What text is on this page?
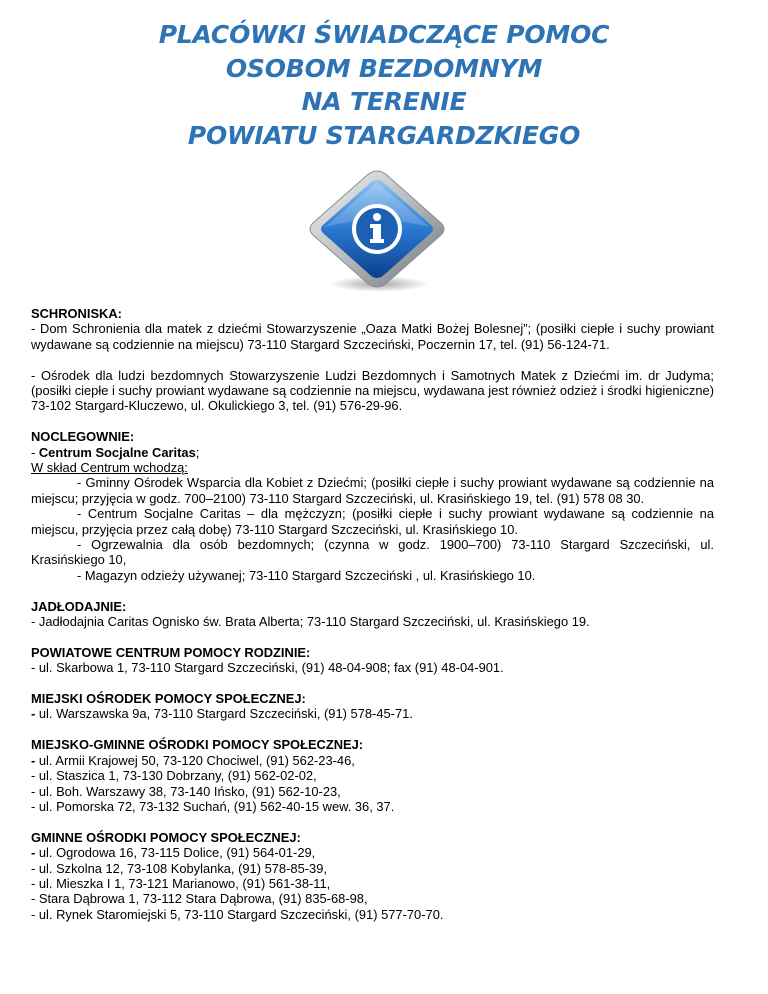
PLACÓWKI ŚWIADCZĄCE POMOC
OSOBOM BEZDOMNYM
NA TERENIE
POWIATU STARGARDZKIEGO
SCHRONISKA:
- Dom Schronienia dla matek z dziećmi Stowarzyszenie „Oaza Matki Bożej Bolesnej”; (posiłki ciepłe i suchy prowiant wydawane są codziennie na miejscu) 73-110 Stargard Szczeciński, Poczernin 17, tel. (91) 56-124-71.
- Ośrodek dla ludzi bezdomnych Stowarzyszenie Ludzi Bezdomnych i Samotnych Matek z Dziećmi im. dr Judyma; (posiłki ciepłe i suchy prowiant wydawane są codziennie na miejscu, wydawana jest również odzież i środki higieniczne) 73-102 Stargard-Kluczewo, ul. Okulickiego 3, tel. (91) 576-29-96.
NOCLEGOWNIE:
- Centrum Socjalne Caritas;
W skład Centrum wchodzą:
- Gminny Ośrodek Wsparcia dla Kobiet z Dziećmi; (posiłki ciepłe i suchy prowiant wydawane są codziennie na miejscu; przyjęcia w godz. 700–2100) 73-110 Stargard Szczeciński, ul. Krasińskiego 19, tel. (91) 578 08 30.
- Centrum Socjalne Caritas – dla mężczyzn; (posiłki ciepłe i suchy prowiant wydawane są codziennie na miejscu, przyjęcia przez całą dobę) 73-110 Stargard Szczeciński, ul. Krasińskiego 10.
- Ogrzewalnia dla osób bezdomnych; (czynna w godz. 1900–700) 73-110 Stargard Szczeciński, ul. Krasińskiego 10,
- Magazyn odzieży używanej; 73-110 Stargard Szczeciński , ul. Krasińskiego 10.
JADŁODAJNIE:
- Jadłodajnia Caritas Ognisko św. Brata Alberta; 73-110 Stargard Szczeciński, ul. Krasińskiego 19.
POWIATOWE CENTRUM POMOCY RODZINIE:
- ul. Skarbowa 1, 73-110 Stargard Szczeciński, (91) 48-04-908; fax (91) 48-04-901.
MIEJSKI OŚRODEK POMOCY SPOŁECZNEJ:
- ul. Warszawska 9a, 73-110 Stargard Szczeciński, (91) 578-45-71.
MIEJSKO-GMINNE OŚRODKI POMOCY SPOŁECZNEJ:
- ul. Armii Krajowej 50, 73-120 Chociwel, (91) 562-23-46,
- ul. Staszica 1, 73-130 Dobrzany, (91) 562-02-02,
- ul. Boh. Warszawy 38, 73-140 Ińsko, (91) 562-10-23,
- ul. Pomorska 72, 73-132 Suchań, (91) 562-40-15 wew. 36, 37.
GMINNE OŚRODKI POMOCY SPOŁECZNEJ:
- ul. Ogrodowa 16, 73-115 Dolice, (91) 564-01-29,
- ul. Szkolna 12, 73-108 Kobylanka, (91) 578-85-39,
- ul. Mieszka I 1, 73-121 Marianowo, (91) 561-38-11,
- Stara Dąbrowa 1, 73-112 Stara Dąbrowa, (91) 835-68-98,
- ul. Rynek Staromiejski 5, 73-110 Stargard Szczeciński, (91) 577-70-70.
